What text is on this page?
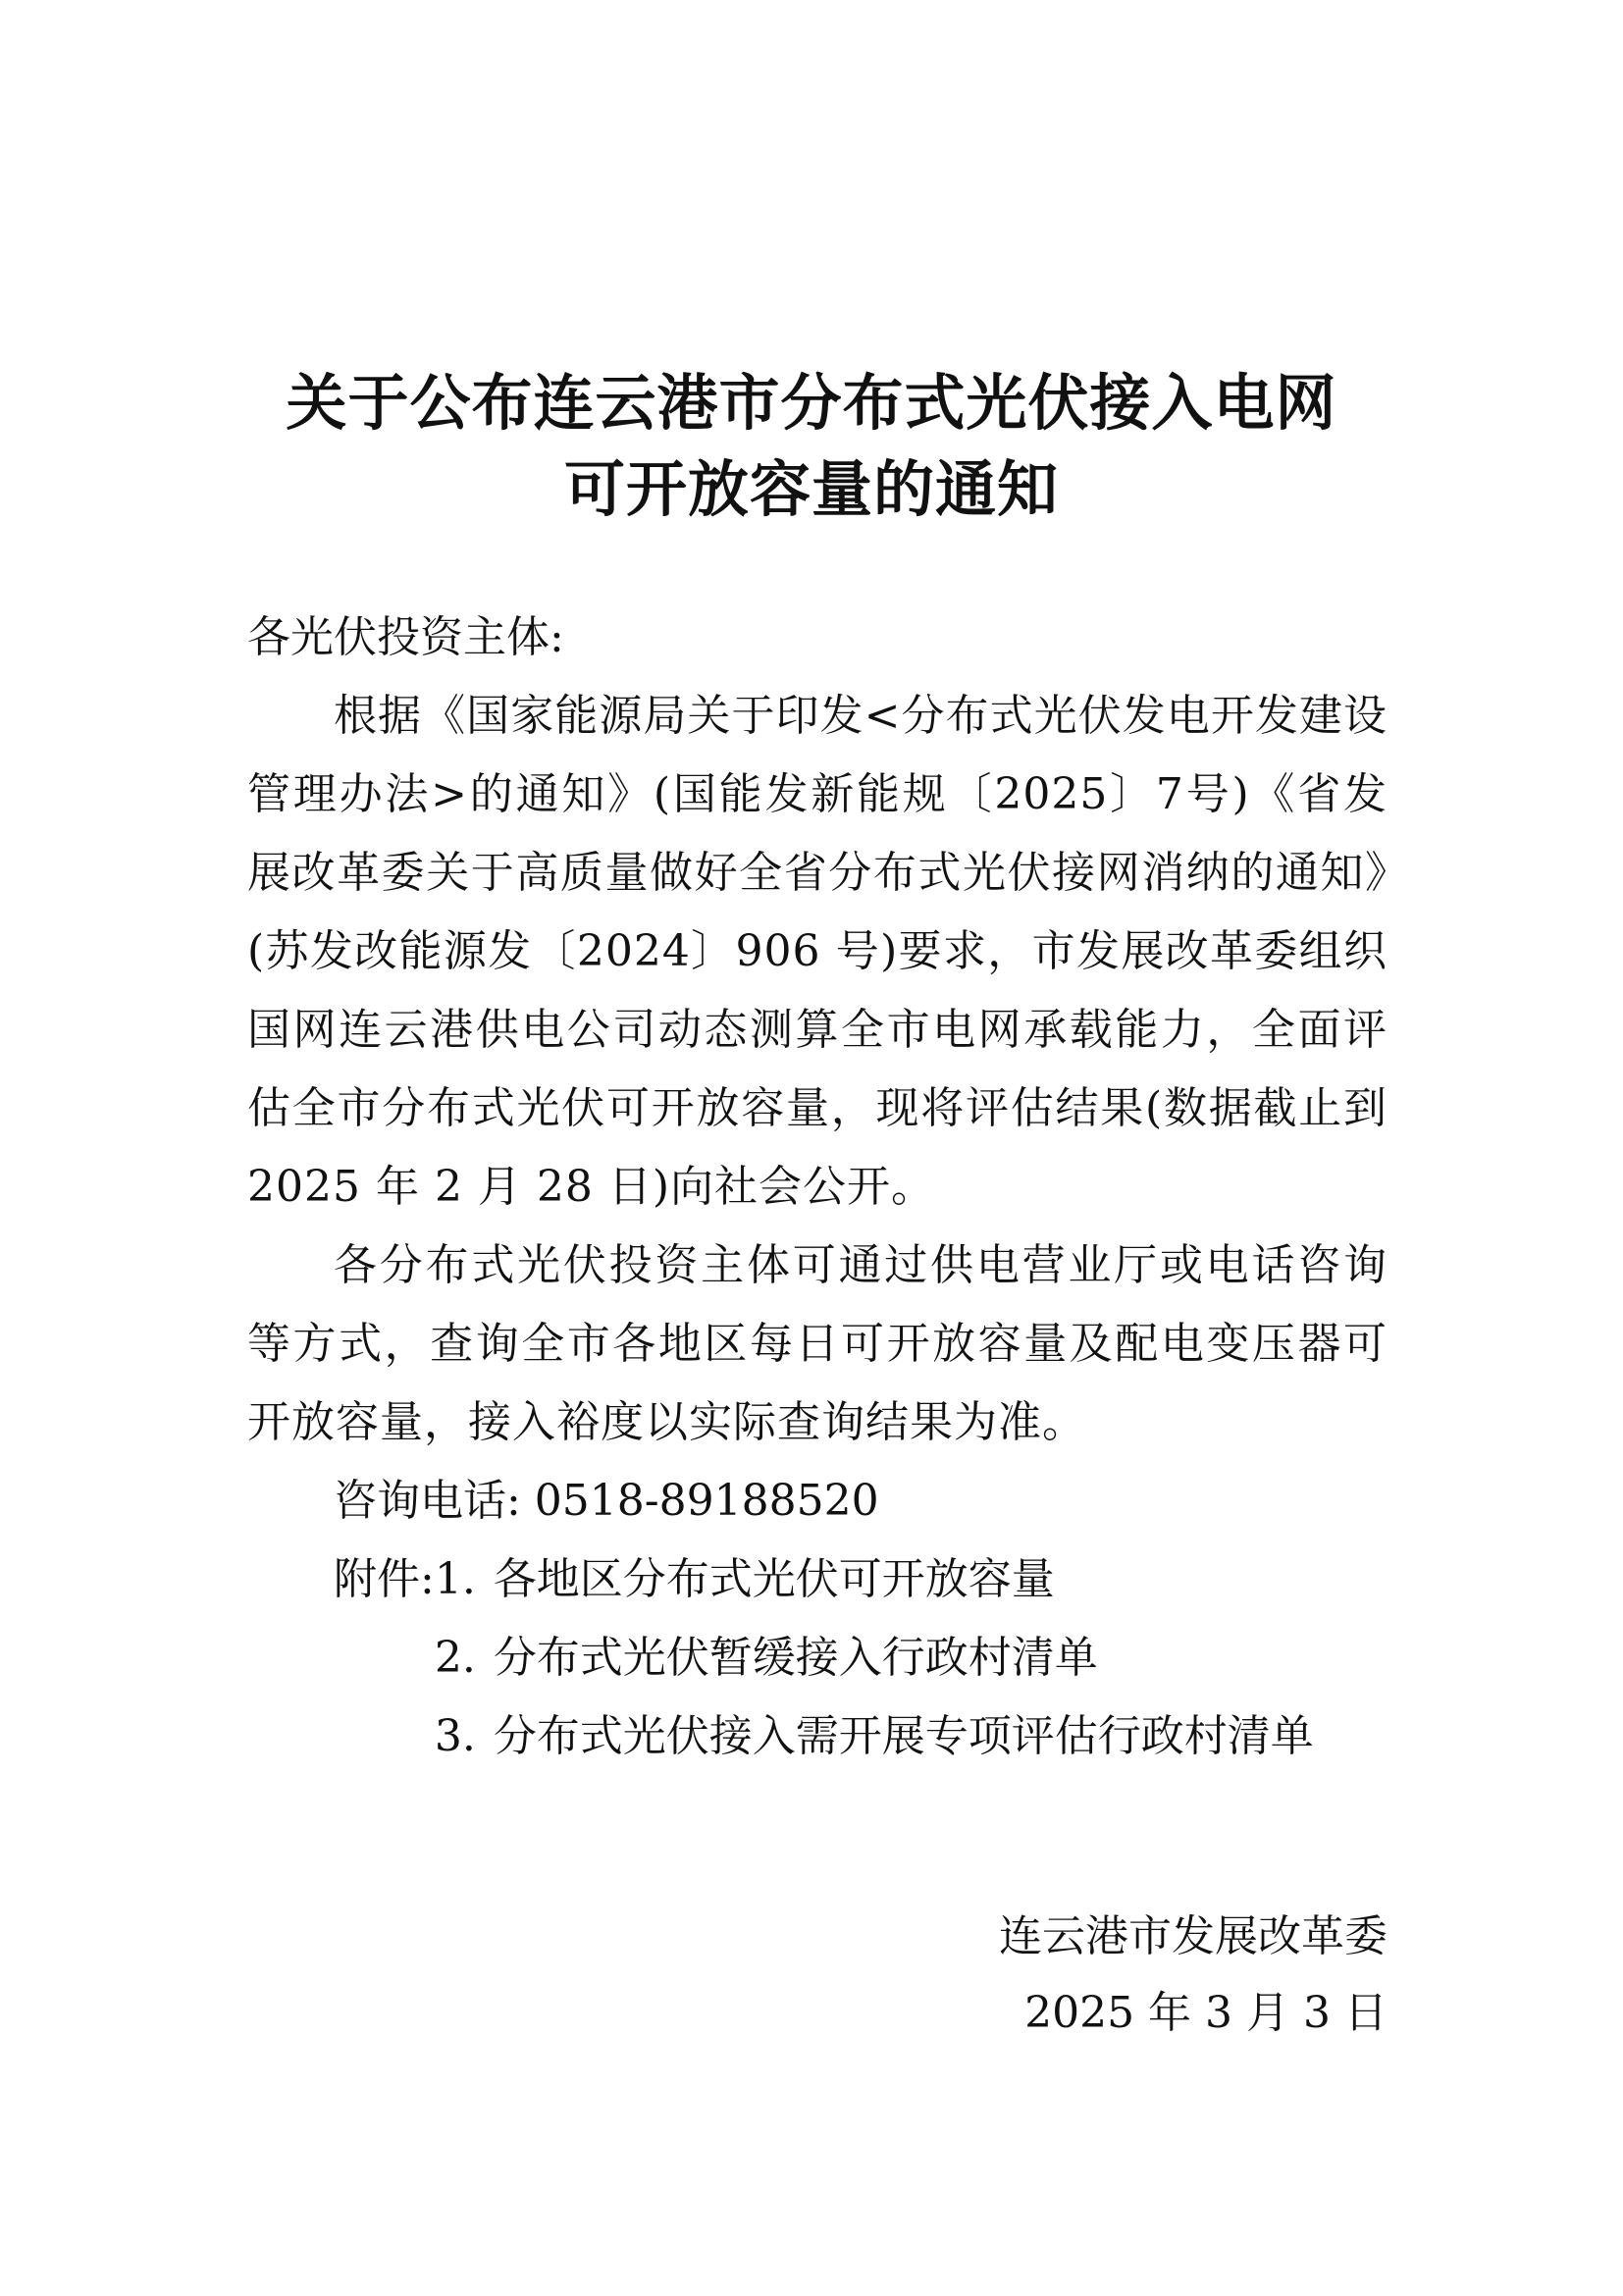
关于公布连云港市分布式光伏接入电网
可开放容量的通知

各光伏投资主体:

根据《国家能源局关于印发<分布式光伏发电开发建设管理办法>的通知》(国能发新能规〔2025〕7号)《省发展改革委关于高质量做好全省分布式光伏接网消纳的通知》(苏发改能源发〔2024〕906 号)要求，市发展改革委组织国网连云港供电公司动态测算全市电网承载能力，全面评估全市分布式光伏可开放容量，现将评估结果(数据截止到 2025 年 2 月 28 日)向社会公开。

各分布式光伏投资主体可通过供电营业厅或电话咨询等方式，查询全市各地区每日可开放容量及配电变压器可开放容量，接入裕度以实际查询结果为准。

咨询电话: 0518-89188520

附件: 1. 各地区分布式光伏可开放容量
2. 分布式光伏暂缓接入行政村清单
3. 分布式光伏接入需开展专项评估行政村清单
连云港市发展改革委
2025 年 3 月 3 日
